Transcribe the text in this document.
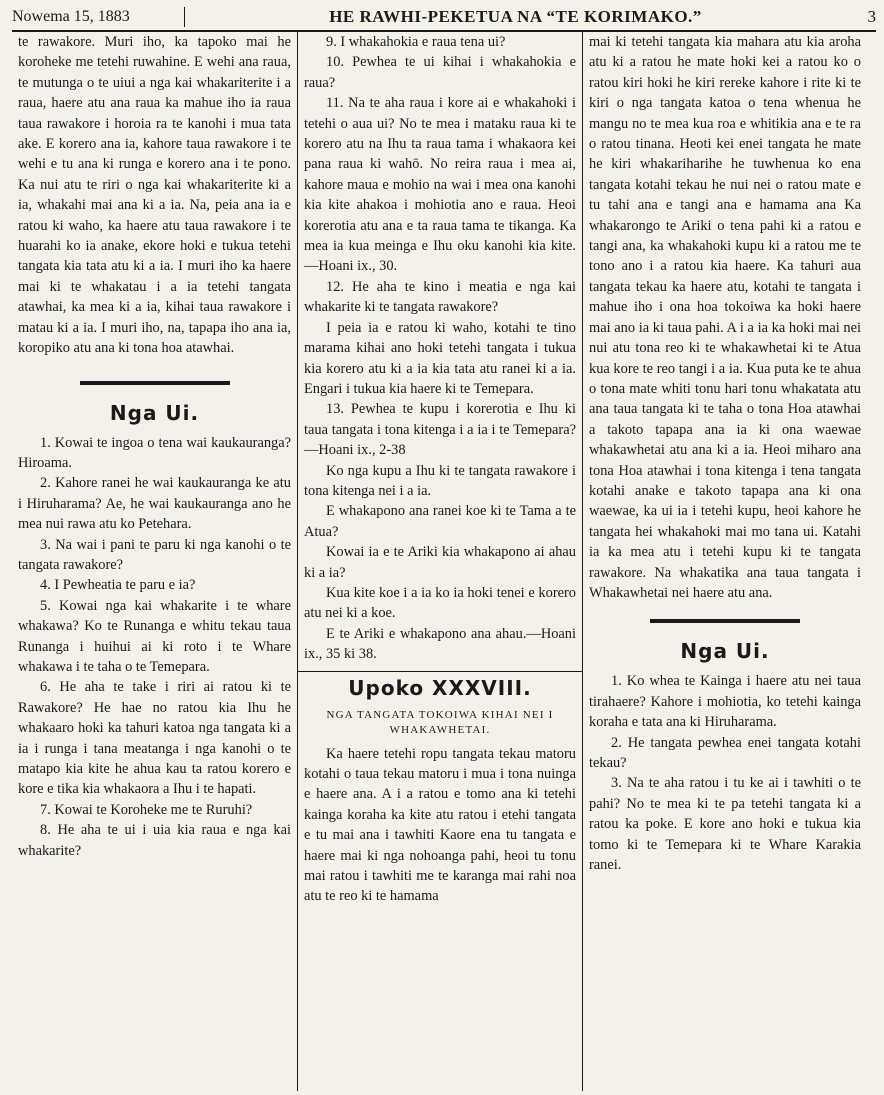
Nowema 15, 1883	HE RAWHI-PEKETUA NA “TE KORIMAKO.”	3

te rawakore. Muri iho, ka tapoko mai he koroheke me tetehi ruwahine. E wehi ana raua, te mutunga o te uiui a nga kai whakariterite i a raua, haere atu ana raua ka mahue iho ia raua taua rawakore i horoia ra te kanohi i mua tata ake. E korero ana ia, kahore taua rawakore i te wehi e tu ana ki runga e korero ana i te pono. Ka nui atu te riri o nga kai whakariterite ki a ia, whakahi mai ana ki a ia. Na, peia ana ia e ratou ki waho, ka haere atu taua rawakore i te huarahi ko ia anake, ekore hoki e tukua tetehi tangata kia tata atu ki a ia. I muri iho ka haere mai ki te whakatau i a ia tetehi tangata atawhai, ka mea ki a ia, kihai taua rawakore i matau ki a ia. I muri iho, na, tapapa iho ana ia, koropiko atu ana ki tona hoa atawhai.

Nga Ui.

1. Kowai te ingoa o tena wai kaukauranga? Hiroama.

2. Kahore ranei he wai kaukauranga ke atu i Hiruharama? Ae, he wai kaukauranga ano he mea nui rawa atu ko Petehara.

3. Na wai i pani te paru ki nga kanohi o te tangata rawakore?

4. I Pewheatia te paru e ia?

5. Kowai nga kai whakarite i te whare whakawa? Ko te Runanga e whitu tekau taua Runanga i huihui ai ki roto i te Whare whakawa i te taha o te Temepara.

6. He aha te take i riri ai ratou ki te Rawakore? He hae no ratou kia Ihu he whakaaro hoki ka tahuri katoa nga tangata ki a ia i runga i tana meatanga i nga kanohi o te matapo kia kite he ahua kau ta ratou korero e kore e tika kia whakaora a Ihu i te hapati.

7. Kowai te Koroheke me te Ruruhi?

8. He aha te ui i uia kia raua e nga kai whakarite?

9. I whakahokia e raua tena ui?

10. Pewhea te ui kihai i whakahokia e raua?

11. Na te aha raua i kore ai e whakahoki i tetehi o aua ui? No te mea i mataku raua ki te korero atu na Ihu ta raua tama i whakaora kei pana raua ki wahō. No reira raua i mea ai, kahore maua e mohio na wai i mea ona kanohi kia kite ahakoa i mohiotia ano e raua. Heoi korerotia atu ana e ta raua tama te tikanga. Ka mea ia kua meinga e Ihu oku kanohi kia kite.—Hoani ix., 30.

12. He aha te kino i meatia e nga kai whakarite ki te tangata rawakore?

I peia ia e ratou ki waho, kotahi te tino marama kihai ano hoki tetehi tangata i tukua kia korero atu ki a ia kia tata atu ranei ki a ia. Engari i tukua kia haere ki te Temepara.

13. Pewhea te kupu i korerotia e Ihu ki taua tangata i tona kitenga i a ia i te Temepara?—Hoani ix., 2-38

Ko nga kupu a Ihu ki te tangata rawakore i tona kitenga nei i a ia.

E whakapono ana ranei koe ki te Tama a te Atua?

Kowai ia e te Ariki kia whakapono ai ahau ki a ia?

Kua kite koe i a ia ko ia hoki tenei e korero atu nei ki a koe.

E te Ariki e whakapono ana ahau.—Hoani ix., 35 ki 38.

Upoko XXXVIII.
NGA TANGATA TOKOIWA KIHAI NEI I WHAKAWHETAI.

Ka haere tetehi ropu tangata tekau matoru kotahi o taua tekau matoru i mua i tona nuinga e haere ana. A i a ratou e tomo ana ki tetehi kainga koraha ka kite atu ratou i etehi tangata e tu mai ana i tawhiti Kaore ena tu tangata e haere mai ki nga nohoanga pahi, heoi tu tonu mai ratou i tawhiti me te karanga mai rahi noa atu te reo ki te hamama

mai ki tetehi tangata kia mahara atu kia aroha atu ki a ratou he mate hoki kei a ratou ko o ratou kiri hoki he kiri rereke kahore i rite ki te kiri o nga tangata katoa o tena whenua he mangu no te mea kua roa e whitikia ana e te ra o ratou tinana. Heoti kei enei tangata he mate he kiri whakariharihe he tuwhenua ko ena tangata kotahi tekau he nui nei o ratou mate e tu tahi ana e tangi ana e hamama ana Ka whakarongo te Ariki o tena pahi ki a ratou e tangi ana, ka whakahoki kupu ki a ratou me te tono ano i a ratou kia haere. Ka tahuri aua tangata tekau ka haere atu, kotahi te tangata i mahue iho i ona hoa tokoiwa ka hoki haere mai ano ia ki taua pahi. A i a ia ka hoki mai nei nui atu tona reo ki te whakawhetai ki te Atua kua kore te reo tangi i a ia. Kua puta ke te ahua o tona mate whiti tonu hari tonu whakatata atu ana taua tangata ki te taha o tona Hoa atawhai a takoto tapapa ana ia ki ona waewae whakawhetai atu ana ki a ia. Heoi miharo ana tona Hoa atawhai i tona kitenga i tena tangata kotahi anake e takoto tapapa ana ki ona waewae, ka ui ia i tetehi kupu, heoi kahore he tangata hei whakahoki mai mo tana ui. Katahi ia ka mea atu i tetehi kupu ki te tangata rawakore. Na whakatika ana taua tangata i Whakawhetai nei haere atu ana.

Nga Ui.

1. Ko whea te Kainga i haere atu nei taua tirahaere? Kahore i mohiotia, ko tetehi kainga koraha e tata ana ki Hiruharama.

2. He tangata pewhea enei tangata kotahi tekau?

3. Na te aha ratou i tu ke ai i tawhiti o te pahi? No te mea ki te pa tetehi tangata ki a ratou ka poke. E kore ano hoki e tukua kia tomo ki te Temepara ki te Whare Karakia ranei.
